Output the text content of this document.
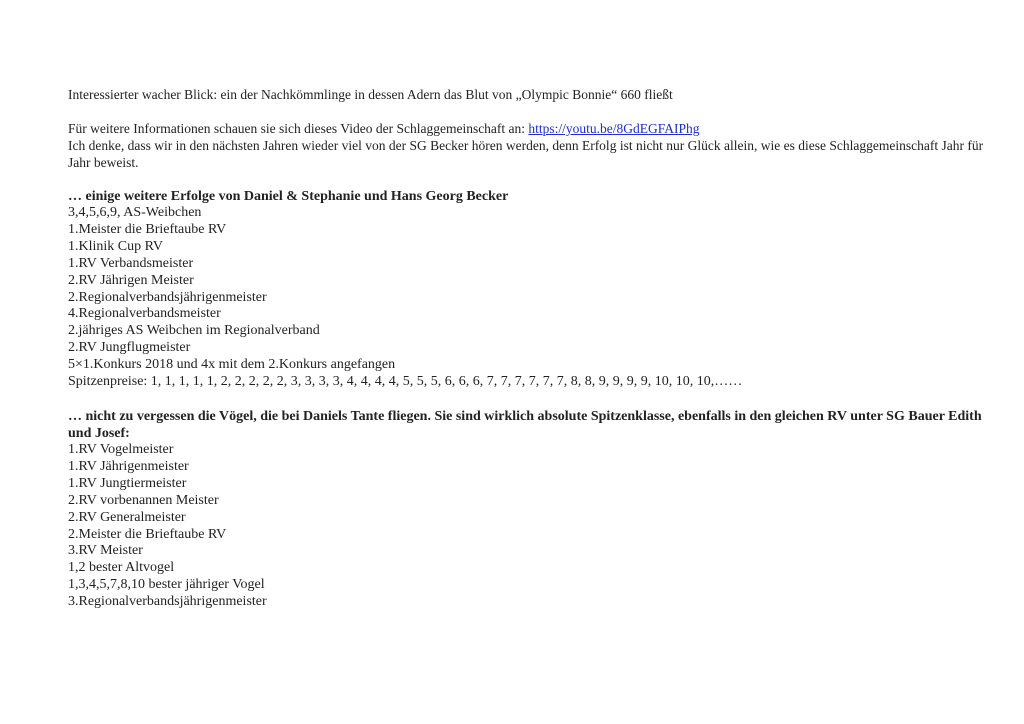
Interessierter wacher Blick: ein der Nachkömmlinge in dessen Adern das Blut von „Olympic Bonnie“ 660 fließt

Für weitere Informationen schauen sie sich dieses Video der Schlaggemeinschaft an: https://youtu.be/8GdEGFAIPhg

Ich denke, dass wir in den nächsten Jahren wieder viel von der SG Becker hören werden, denn Erfolg ist nicht nur Glück allein, wie es diese Schlaggemeinschaft Jahr für Jahr beweist.

… einige weitere Erfolge von Daniel & Stephanie und Hans Georg Becker

3,4,5,6,9, AS-Weibchen
1.Meister die Brieftaube RV
1.Klinik Cup RV
1.RV Verbandsmeister
2.RV Jährigen Meister
2.Regionalverbandsjährigenmeister
4.Regionalverbandsmeister
2.jähriges AS Weibchen im Regionalverband
2.RV Jungflugmeister
5×1.Konkurs 2018 und 4x mit dem 2.Konkurs angefangen
Spitzenpreise: 1, 1, 1, 1, 1, 2, 2, 2, 2, 2, 3, 3, 3, 3, 4, 4, 4, 4, 5, 5, 5, 6, 6, 6, 7, 7, 7, 7, 7, 7, 8, 8, 9, 9, 9, 9, 10, 10, 10,……

… nicht zu vergessen die Vögel, die bei Daniels Tante fliegen. Sie sind wirklich absolute Spitzenklasse, ebenfalls in den gleichen RV unter SG Bauer Edith und Josef:

1.RV Vogelmeister
1.RV Jährigenmeister
1.RV Jungtiermeister
2.RV vorbenannen Meister
2.RV Generalmeister
2.Meister die Brieftaube RV
3.RV Meister
1,2 bester Altvogel
1,3,4,5,7,8,10 bester jähriger Vogel
3.Regionalverbandsjährigenmeister
